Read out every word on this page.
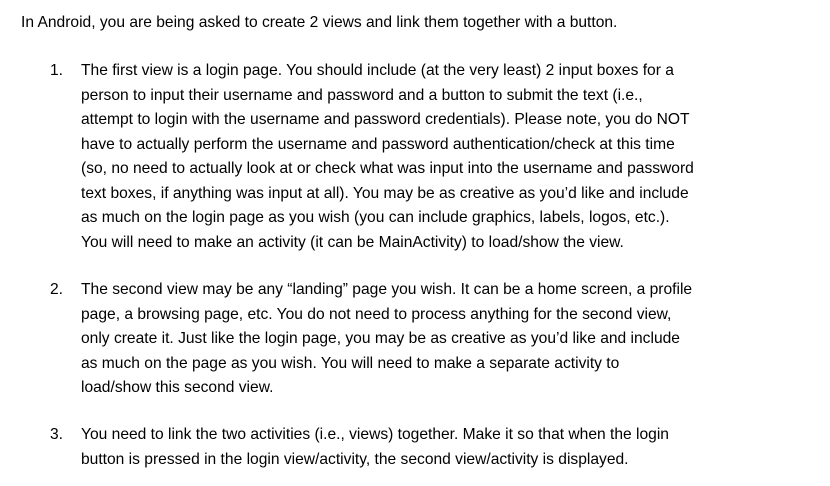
In Android, you are being asked to create 2 views and link them together with a button.

1. The first view is a login page. You should include (at the very least) 2 input boxes for a
person to input their username and password and a button to submit the text (i.e.,
attempt to login with the username and password credentials). Please note, you do NOT
have to actually perform the username and password authentication/check at this time
(so, no need to actually look at or check what was input into the username and password
text boxes, if anything was input at all). You may be as creative as you’d like and include
as much on the login page as you wish (you can include graphics, labels, logos, etc.).
You will need to make an activity (it can be MainActivity) to load/show the view.
2. The second view may be any “landing” page you wish. It can be a home screen, a profile
page, a browsing page, etc. You do not need to process anything for the second view,
only create it. Just like the login page, you may be as creative as you’d like and include
as much on the page as you wish. You will need to make a separate activity to
load/show this second view.
3. You need to link the two activities (i.e., views) together. Make it so that when the login
button is pressed in the login view/activity, the second view/activity is displayed.
